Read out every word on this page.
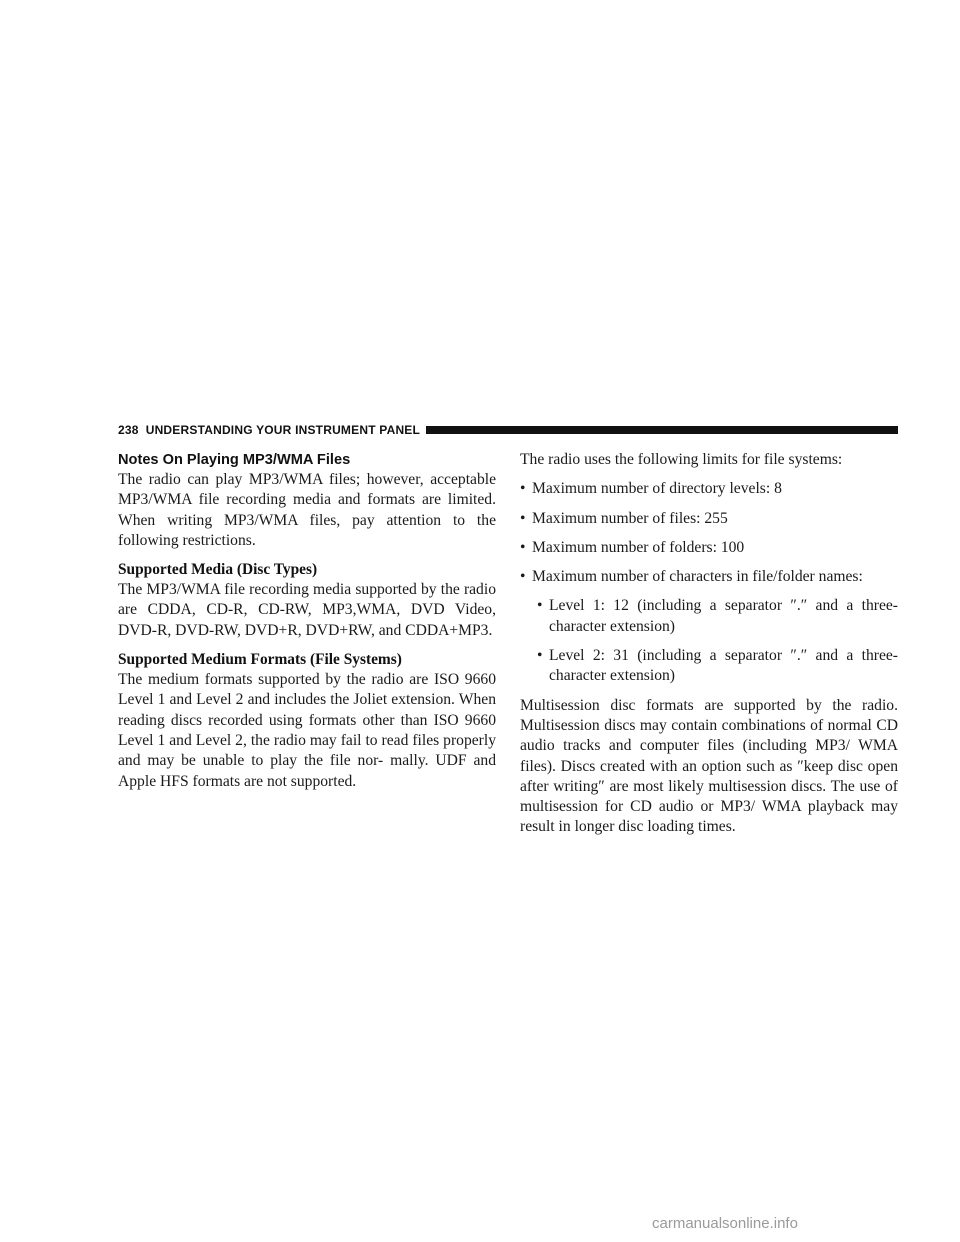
238 UNDERSTANDING YOUR INSTRUMENT PANEL
Notes On Playing MP3/WMA Files

The radio can play MP3/WMA files; however, acceptable MP3/WMA file recording media and formats are limited. When writing MP3/WMA files, pay attention to the following restrictions.

Supported Media (Disc Types)

The MP3/WMA file recording media supported by the radio are CDDA, CD-R, CD-RW, MP3,WMA, DVD Video, DVD-R, DVD-RW, DVD+R, DVD+RW, and CDDA+MP3.

Supported Medium Formats (File Systems)

The medium formats supported by the radio are ISO 9660 Level 1 and Level 2 and includes the Joliet extension. When reading discs recorded using formats other than ISO 9660 Level 1 and Level 2, the radio may fail to read files properly and may be unable to play the file nor- mally. UDF and Apple HFS formats are not supported.

The radio uses the following limits for file systems:

• Maximum number of directory levels: 8
• Maximum number of files: 255
• Maximum number of folders: 100
• Maximum number of characters in file/folder names:
• Level 1: 12 (including a separator ″.″ and a three- character extension)
• Level 2: 31 (including a separator ″.″ and a three- character extension)

Multisession disc formats are supported by the radio. Multisession discs may contain combinations of normal CD audio tracks and computer files (including MP3/ WMA files). Discs created with an option such as ″keep disc open after writing″ are most likely multisession discs. The use of multisession for CD audio or MP3/ WMA playback may result in longer disc loading times.

carmanualsonline.info
